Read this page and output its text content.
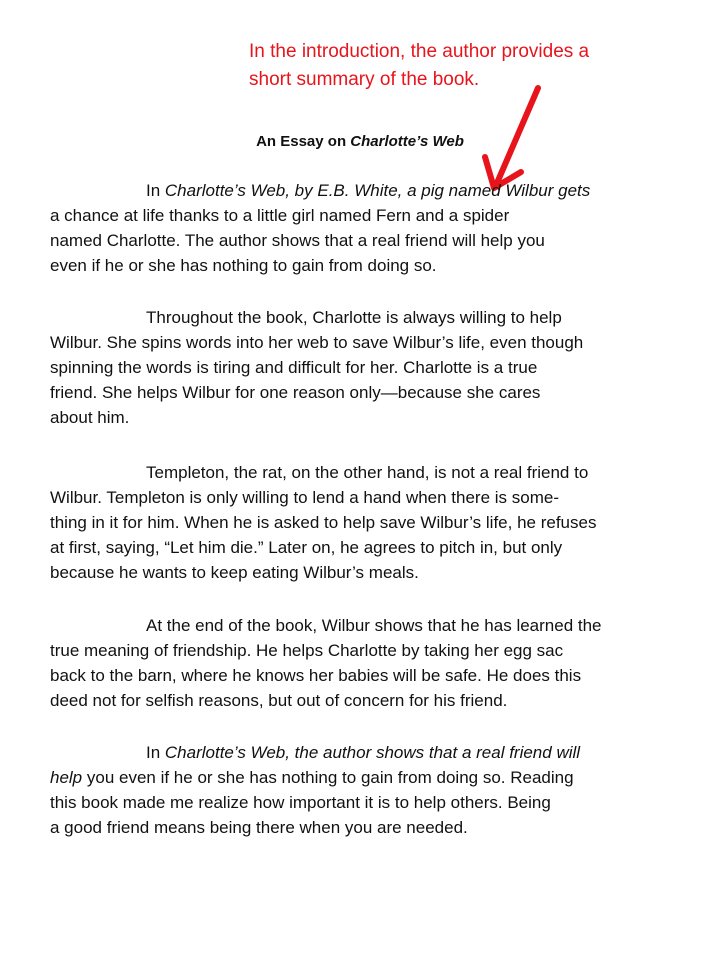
In the introduction, the author provides a
short summary of the book.

An Essay on Charlotte’s Web

In Charlotte’s Web, by E.B. White, a pig named Wilbur gets
a chance at life thanks to a little girl named Fern and a spider
named Charlotte. The author shows that a real friend will help you
even if he or she has nothing to gain from doing so.
Throughout the book, Charlotte is always willing to help
Wilbur. She spins words into her web to save Wilbur’s life, even though
spinning the words is tiring and difficult for her. Charlotte is a true
friend. She helps Wilbur for one reason only—because she cares
about him.
Templeton, the rat, on the other hand, is not a real friend to
Wilbur. Templeton is only willing to lend a hand when there is some-
thing in it for him. When he is asked to help save Wilbur’s life, he refuses
at first, saying, “Let him die.” Later on, he agrees to pitch in, but only
because he wants to keep eating Wilbur’s meals.
At the end of the book, Wilbur shows that he has learned the
true meaning of friendship. He helps Charlotte by taking her egg sac
back to the barn, where he knows her babies will be safe. He does this
deed not for selfish reasons, but out of concern for his friend.
In Charlotte’s Web, the author shows that a real friend will
help you even if he or she has nothing to gain from doing so. Reading
this book made me realize how important it is to help others. Being
a good friend means being there when you are needed.
